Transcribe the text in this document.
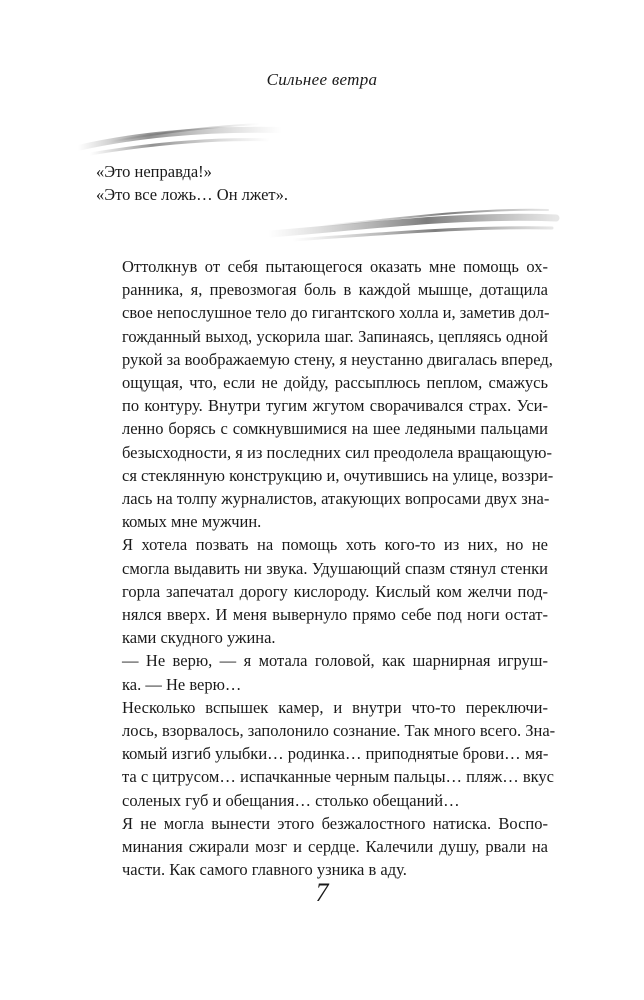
Сильнее ветра

«Это неправда!»

«Это все ложь… Он лжет».

Оттолкнув от себя пытающегося оказать мне помощь ох-
ранника, я, превозмогая боль в каждой мышце, дотащила
свое непослушное тело до гигантского холла и, заметив дол-
гожданный выход, ускорила шаг. Запинаясь, цепляясь одной
рукой за воображаемую стену, я неустанно двигалась вперед,
ощущая, что, если не дойду, рассыплюсь пеплом, смажусь
по контуру. Внутри тугим жгутом сворачивался страх. Уси-
ленно борясь с сомкнувшимися на шее ледяными пальцами
безысходности, я из последних сил преодолела вращающую-
ся стеклянную конструкцию и, очутившись на улице, воззри-
лась на толпу журналистов, атакующих вопросами двух зна-
комых мне мужчин.

Я хотела позвать на помощь хоть кого-то из них, но не
смогла выдавить ни звука. Удушающий спазм стянул стенки
горла запечатал дорогу кислороду. Кислый ком желчи под-
нялся вверх. И меня вывернуло прямо себе под ноги остат-
ками скудного ужина.

— Не верю, — я мотала головой, как шарнирная игруш-
ка. — Не верю…

Несколько вспышек камер, и внутри что-то переключи-
лось, взорвалось, заполонило сознание. Так много всего. Зна-
комый изгиб улыбки… родинка… приподнятые брови… мя-
та с цитрусом… испачканные черным пальцы… пляж… вкус
соленых губ и обещания… столько обещаний…

Я не могла вынести этого безжалостного натиска. Воспо-
минания сжирали мозг и сердце. Калечили душу, рвали на
части. Как самого главного узника в аду.

7
